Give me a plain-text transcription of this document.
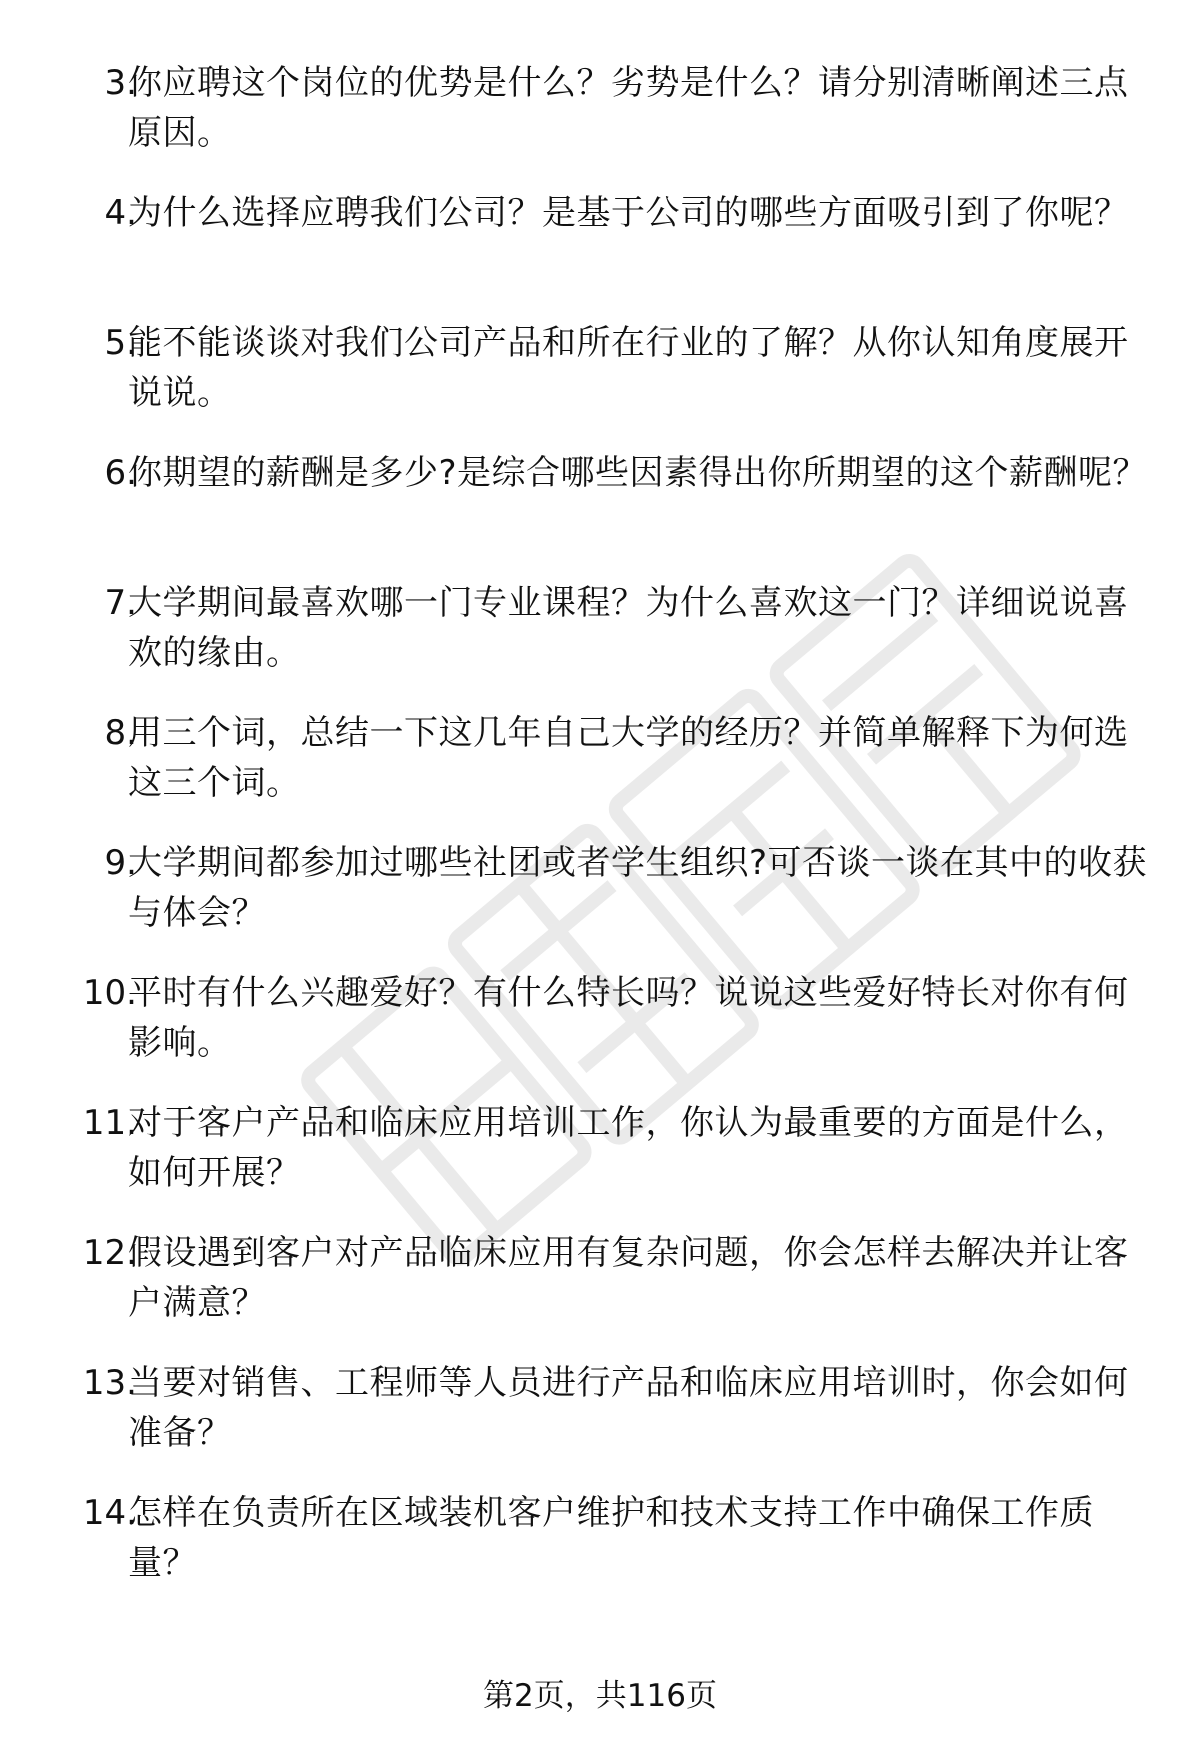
3.
你应聘这个岗位的优势是什么？劣势是什么？请分别清晰阐述三点原因。
4.
为什么选择应聘我们公司？是基于公司的哪些方面吸引到了你呢？
5.
能不能谈谈对我们公司产品和所在行业的了解？从你认知角度展开说说。
6.
你期望的薪酬是多少?是综合哪些因素得出你所期望的这个薪酬呢？
7.
大学期间最喜欢哪一门专业课程？为什么喜欢这一门？详细说说喜欢的缘由。
8.
用三个词，总结一下这几年自己大学的经历？并简单解释下为何选这三个词。
9.
大学期间都参加过哪些社团或者学生组织?可否谈一谈在其中的收获与体会？
10.
平时有什么兴趣爱好？有什么特长吗？说说这些爱好特长对你有何影响。
11.
对于客户产品和临床应用培训工作，你认为最重要的方面是什么，如何开展？
12.
假设遇到客户对产品临床应用有复杂问题，你会怎样去解决并让客户满意？
13.
当要对销售、工程师等人员进行产品和临床应用培训时，你会如何准备？
14.
怎样在负责所在区域装机客户维护和技术支持工作中确保工作质量？
第2页，共116页
